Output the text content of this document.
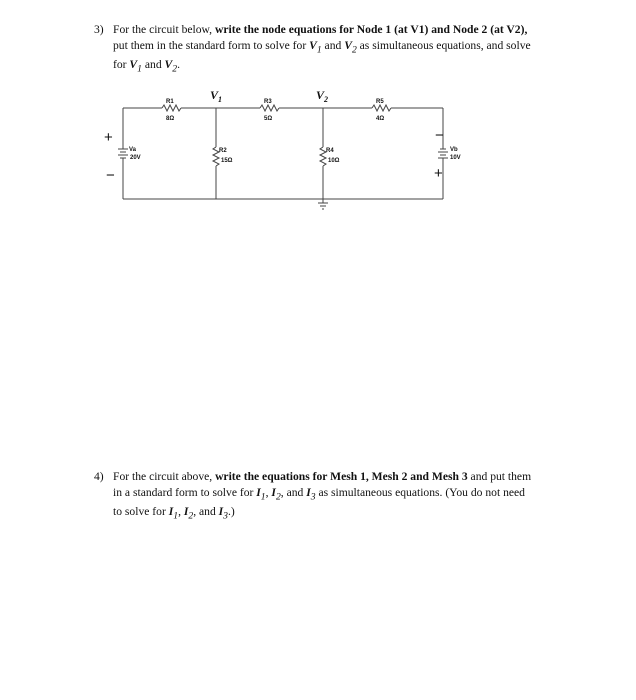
3) For the circuit below, write the node equations for Node 1 (at V1) and Node 2 (at V2), put them in the standard form to solve for $V_1$ and $V_2$ as simultaneous equations, and solve for $V_1$ and $V_2$.
$V_1$	$V_2$
R1
8Ω
R3
5Ω
R5
4Ω
R2
15Ω
R4
10Ω
Va
20V
Vb
10V
+
−
−
+
4) For the circuit above, write the equations for Mesh 1, Mesh 2 and Mesh 3 and put them in a standard form to solve for $I_1$, $I_2$, and $I_3$ as simultaneous equations. (You do not need to solve for $I_1$, $I_2$, and $I_3$.)
